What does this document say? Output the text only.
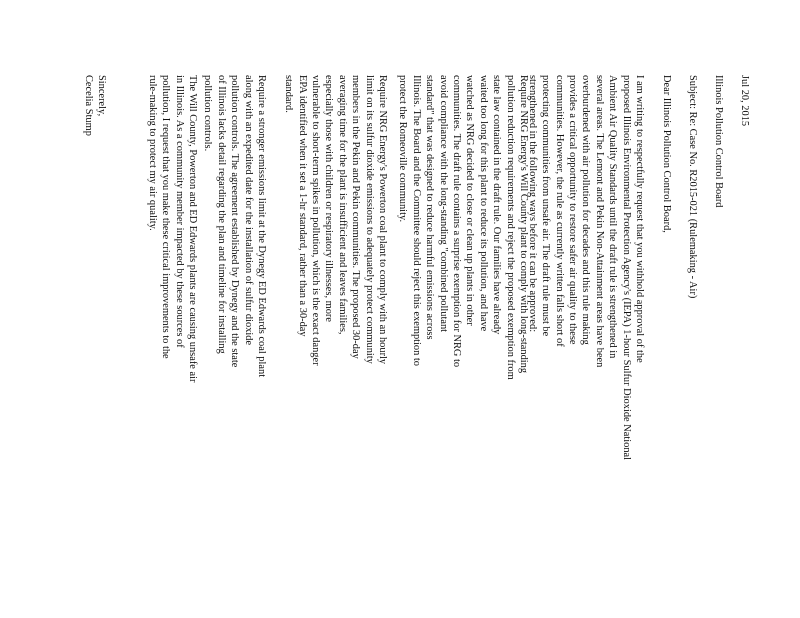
Jul 20, 2015
Illinois Pollution Control Board
Subject: Re: Case No. R2015-021 (Rulemaking - Air)
Dear Illinois Pollution Control Board,
I am writing to respectfully request that you withhold approval of the
proposed Illinois Environmental Protection Agency's (IEPA) 1-hour Sulfur Dioxide National
Ambient Air Quality Standards until the draft rule is strengthened in
several areas. The Lemont and Pekin Non-Attainment areas have been
overburdened with air pollution for decades and this rule making
provides a critical opportunity to restore safer air quality to these
communities. However, the rule as currently written falls short of
protecting communities from unsafe air. The draft rule must be
strengthened in the following ways before it can be approved:
Require NRG Energy's Will County plant to comply with long-standing
pollution reduction requirements and reject the proposed exemption from
state law contained in the draft rule. Our families have already
waited too long for this plant to reduce its pollution, and have
watched as NRG decided to close or clean up plants in other
communities. The draft rule contains a surprise exemption for NRG to
avoid compliance with the long-standing "combined pollutant
standard" that was designed to reduce harmful emissions across
Illinois. The Board and the Committee should reject this exemption to
protect the Romeoville community.
Require NRG Energy's Powerton coal plant to comply with an hourly
limit on its sulfur dioxide emissions to adequately protect community
members in the Pekin and Pekin communities. The proposed 30-day
averaging time for the plant is insufficient and leaves families,
especially those with children or respiratory illnesses, more
vulnerable to short-term spikes in pollution, which is the exact danger
EPA identified when it set a 1-hr standard, rather than a 30-day
standard.
Require a stronger emissions limit at the Dynegy ED Edwards coal plant
along with an expedited date for the installation of sulfur dioxide
pollution controls. The agreement established by Dynegy and the state
of Illinois lacks detail regarding the plan and timeline for installing
pollution controls.
The Will County, Powerton and ED Edwards plants are causing unsafe air
in Illinois. As a community member impacted by these sources of
pollution, I request that you make these critical improvements to the
rule-making to protect my air quality.
Sincerely,
Cecelia Stump
